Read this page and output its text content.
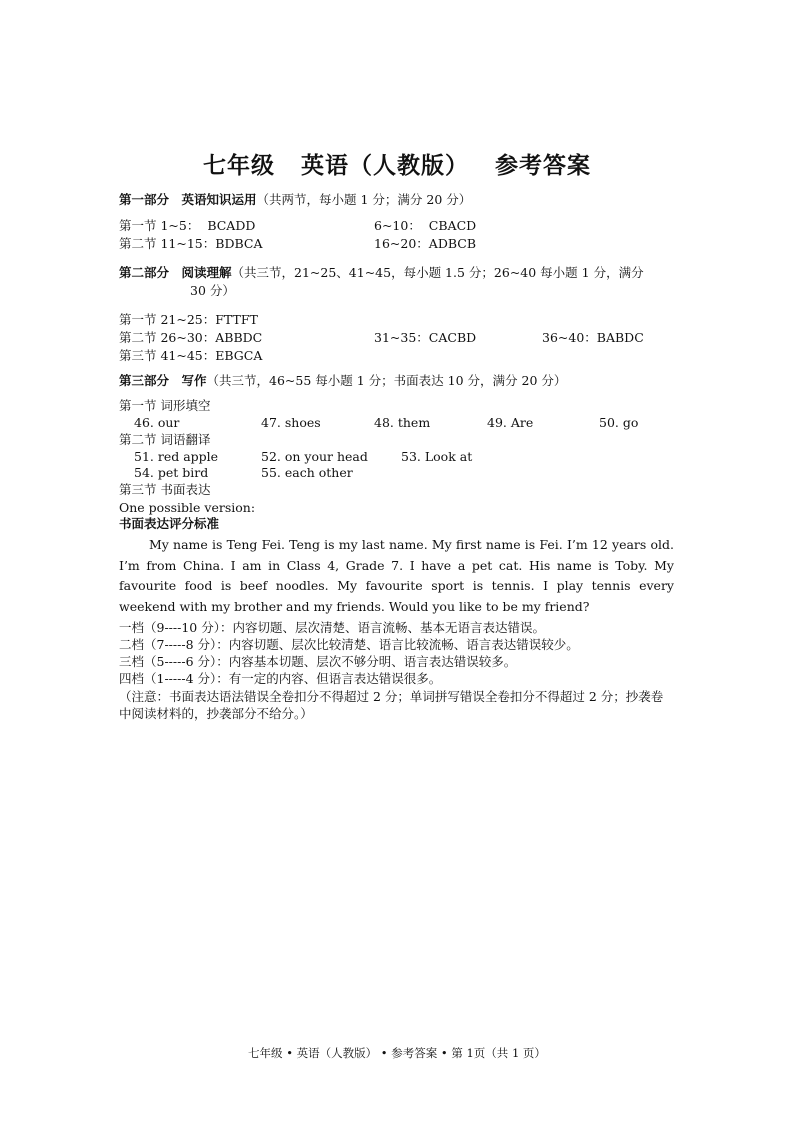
七年级 英语（人教版） 参考答案
第一部分　英语知识运用（共两节，每小题 1 分；满分 20 分）
第一节 1~5： BCADD	6~10： CBACD
第二节 11~15：BDBCA	16~20：ADBCB
第二部分　阅读理解（共三节，21~25、41~45，每小题 1.5 分；26~40 每小题 1 分，满分
30 分）
第一节 21~25：FTTFT
第二节 26~30：ABBDC	31~35：CACBD	36~40：BABDC
第三节 41~45：EBGCA
第三部分　写作（共三节，46~55 每小题 1 分；书面表达 10 分，满分 20 分）
第一节 词形填空
46. our	47. shoes	48. them	49. Are	50. go
第二节 词语翻译
51. red apple	52. on your head	53. Look at
54. pet bird	55. each other
第三节 书面表达
One possible version:
书面表达评分标准
My name is Teng Fei. Teng is my last name. My first name is Fei. I’m 12 years old. I’m from China. I am in Class 4, Grade 7. I have a pet cat. His name is Toby. My favourite food is beef noodles. My favourite sport is tennis. I play tennis every weekend with my brother and my friends. Would you like to be my friend?
一档（9----10 分）：内容切题、层次清楚、语言流畅、基本无语言表达错误。
二档（7-----8 分）：内容切题、层次比较清楚、语言比较流畅、语言表达错误较少。
三档（5-----6 分）：内容基本切题、层次不够分明、语言表达错误较多。
四档（1-----4 分）：有一定的内容、但语言表达错误很多。
（注意：书面表达语法错误全卷扣分不得超过 2 分；单词拼写错误全卷扣分不得超过 2 分；抄袭卷中阅读材料的，抄袭部分不给分。）
七年级 • 英语（人教版） • 参考答案 • 第 1页（共 1 页）
